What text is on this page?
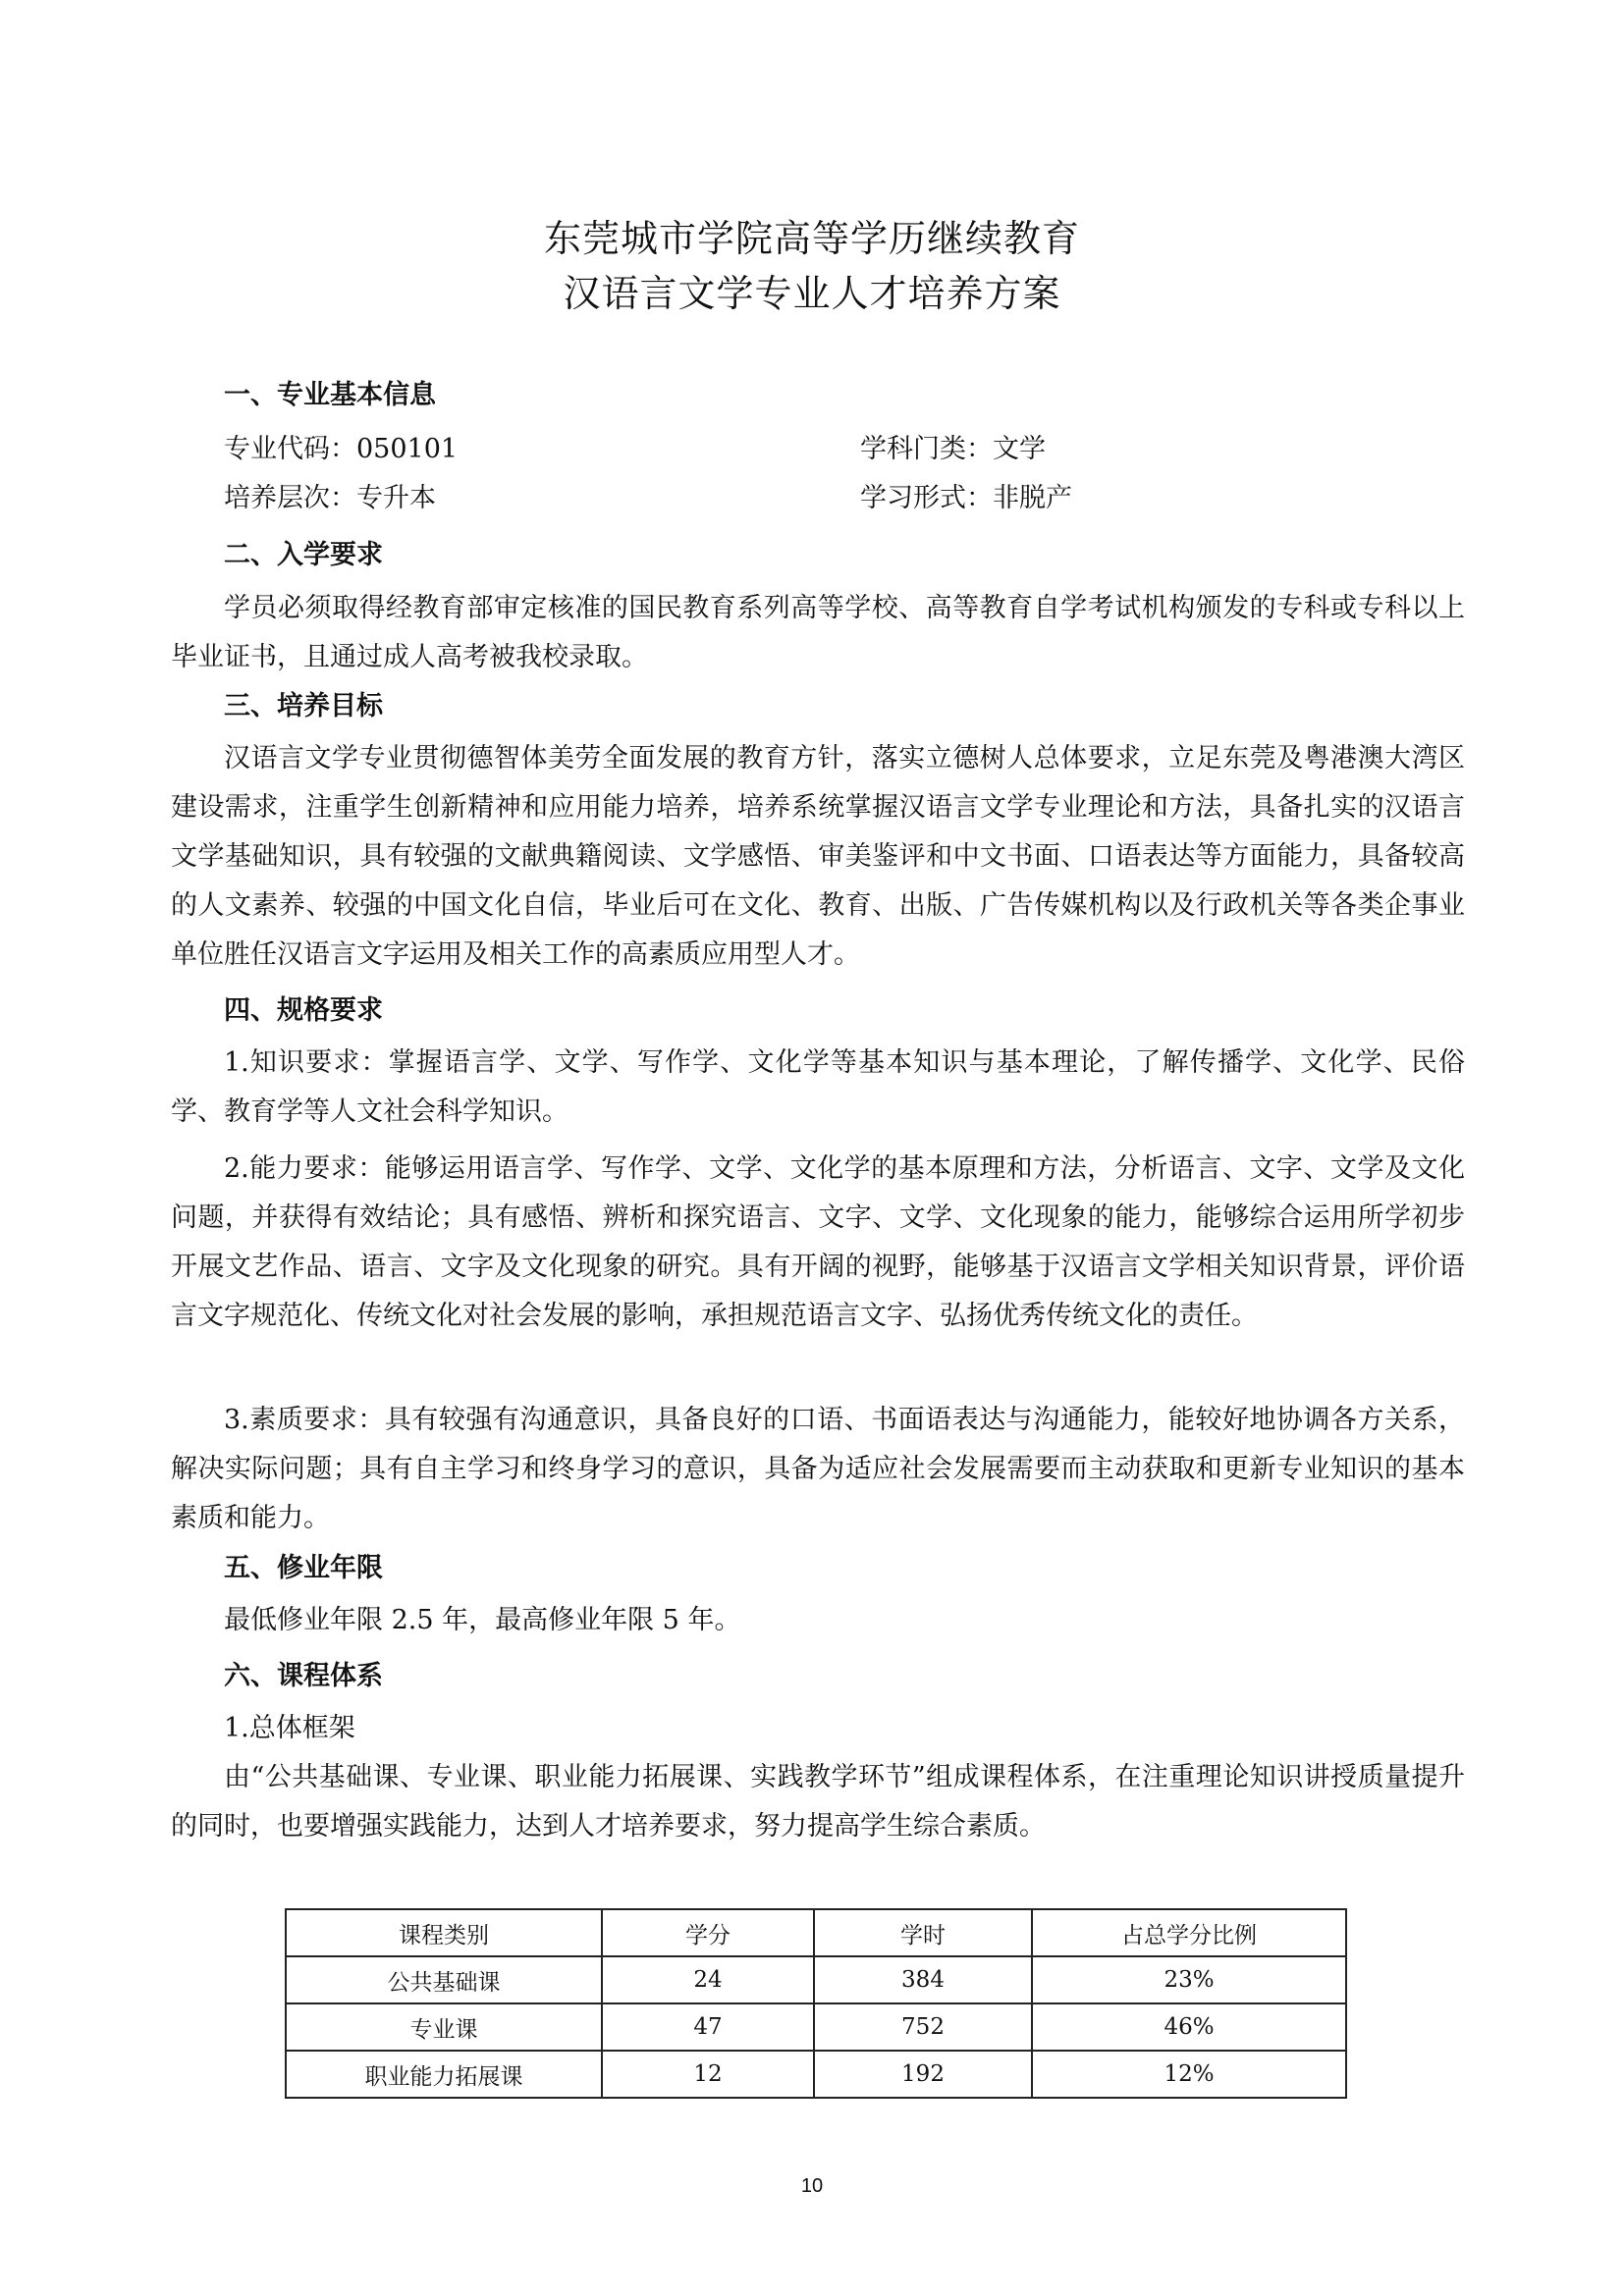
东莞城市学院高等学历继续教育
汉语言文学专业人才培养方案
一、专业基本信息
专业代码：050101	学科门类：文学
培养层次：专升本	学习形式：非脱产
二、入学要求
学员必须取得经教育部审定核准的国民教育系列高等学校、高等教育自学考试机构颁发的专科或专科以上毕业证书，且通过成人高考被我校录取。
三、培养目标
汉语言文学专业贯彻德智体美劳全面发展的教育方针，落实立德树人总体要求，立足东莞及粤港澳大湾区建设需求，注重学生创新精神和应用能力培养，培养系统掌握汉语言文学专业理论和方法，具备扎实的汉语言文学基础知识，具有较强的文献典籍阅读、文学感悟、审美鉴评和中文书面、口语表达等方面能力，具备较高的人文素养、较强的中国文化自信，毕业后可在文化、教育、出版、广告传媒机构以及行政机关等各类企事业单位胜任汉语言文字运用及相关工作的高素质应用型人才。
四、规格要求
1.知识要求：掌握语言学、文学、写作学、文化学等基本知识与基本理论，了解传播学、文化学、民俗学、教育学等人文社会科学知识。
2.能力要求：能够运用语言学、写作学、文学、文化学的基本原理和方法，分析语言、文字、文学及文化问题，并获得有效结论；具有感悟、辨析和探究语言、文字、文学、文化现象的能力，能够综合运用所学初步开展文艺作品、语言、文字及文化现象的研究。具有开阔的视野，能够基于汉语言文学相关知识背景，评价语言文字规范化、传统文化对社会发展的影响，承担规范语言文字、弘扬优秀传统文化的责任。
3.素质要求：具有较强有沟通意识，具备良好的口语、书面语表达与沟通能力，能较好地协调各方关系，解决实际问题；具有自主学习和终身学习的意识，具备为适应社会发展需要而主动获取和更新专业知识的基本素质和能力。
五、修业年限
最低修业年限 2.5 年，最高修业年限 5 年。
六、课程体系
1.总体框架
由“公共基础课、专业课、职业能力拓展课、实践教学环节”组成课程体系，在注重理论知识讲授质量提升的同时，也要增强实践能力，达到人才培养要求，努力提高学生综合素质。
课程类别	学分	学时	占总学分比例
公共基础课	24	384	23%
专业课	47	752	46%
职业能力拓展课	12	192	12%
10
